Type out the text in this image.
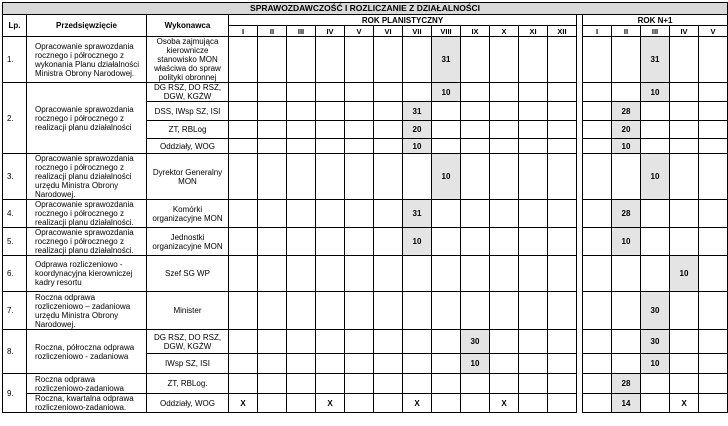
SPRAWOZDAWCZOŚĆ I ROZLICZANIE Z DZIAŁALNOŚCI																				
Lp.	Przedsięwzięcie	Wykonawca	ROK PLANISTYCZNY													ROK N+1				
			I	II	III	IV	V	VI	VII	VIII	IX	X	XI	XII		I	II	III	IV	V
1.	Opracowanie sprawozdania rocznego i półrocznego z wykonania Planu działalności Ministra Obrony Narodowej.	Osoba zajmująca kierownicze stanowisko MON właściwa do spraw polityki obronnej								31								31		
2.	Opracowanie sprawozdania rocznego i półrocznego z realizacji planu działalności	DG RSZ, DO RSZ, DGW, KGŻW								10								10		
		DSS, IWsp SZ, ISI							31								28			
		ZT, RBLog							20								20			
		Oddziały, WOG							10								10			
3.	Opracowanie sprawozdania rocznego i półrocznego z realizacji planu działalności urzędu Ministra Obrony Narodowej.	Dyrektor Generalny MON								10								10		
4.	Opracowanie sprawozdania rocznego i półrocznego z realizacji planu działalności.	Komórki organizacyjne MON							31								28			
5.	Opracowanie sprawozdania rocznego i półrocznego z realizacji planu działalności.	Jednostki organizacyjne MON							10								10			
6.	Odprawa rozliczeniowo - koordynacyjna kierowniczej kadry resortu	Szef SG WP																	10	
7.	Roczna odprawa rozliczeniowo – zadaniowa urzędu Ministra Obrony Narodowej.	Minister																30		
8.	Roczna, półroczna odprawa rozliczeniowo - zadaniowa	DG RSZ, DO RSZ, DGW, KGŻW									30							30		
		IWsp SZ, ISI									10							10		
9.	Roczna odprawa rozliczeniowo-zadaniowa	ZT, RBLog.															28			
	Roczna, kwartalna odprawa rozliczeniowo-zadaniowa.	Oddziały, WOG	X			X			X			X					14		X	
